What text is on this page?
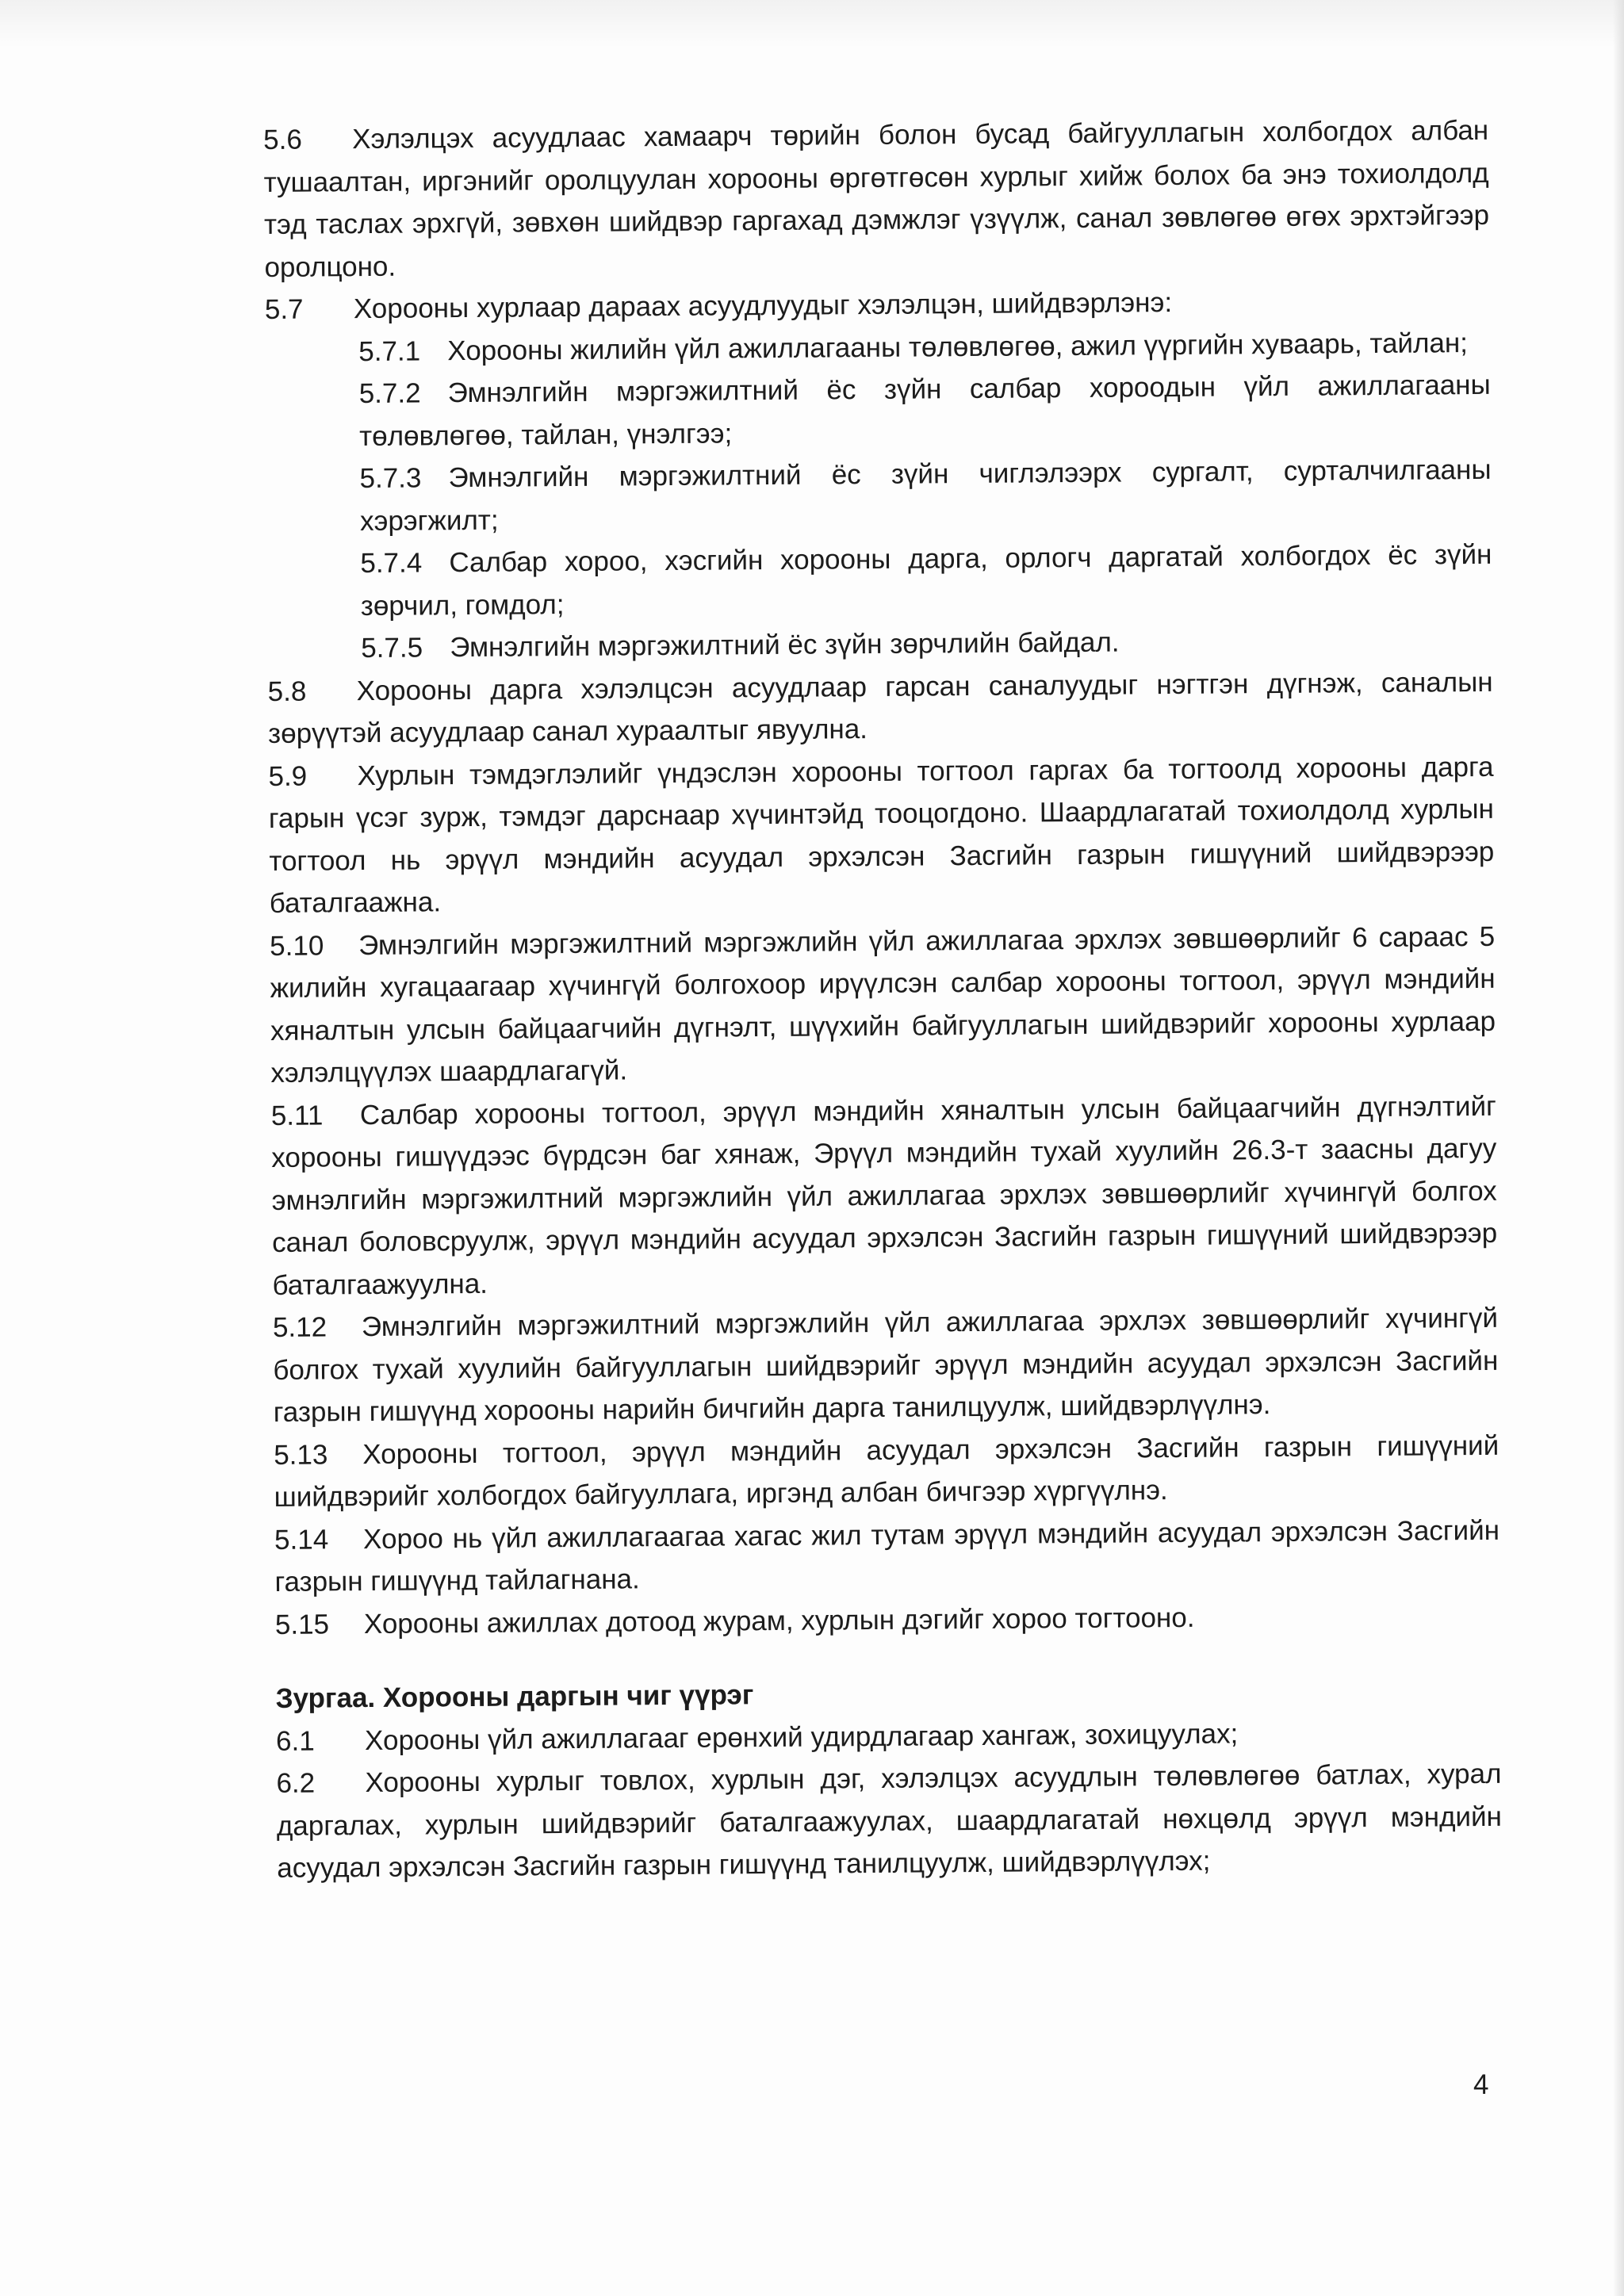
5.6 Хэлэлцэх асуудлаас хамаарч төрийн болон бусад байгууллагын холбогдох албан тушаалтан, иргэнийг оролцуулан хорооны өргөтгөсөн хурлыг хийж болох ба энэ тохиолдолд тэд таслах эрхгүй, зөвхөн шийдвэр гаргахад дэмжлэг үзүүлж, санал зөвлөгөө өгөх эрхтэйгээр оролцоно.

5.7 Хорооны хурлаар дараах асуудлуудыг хэлэлцэн, шийдвэрлэнэ:

5.7.1 Хорооны жилийн үйл ажиллагааны төлөвлөгөө, ажил үүргийн хуваарь, тайлан;

5.7.2 Эмнэлгийн мэргэжилтний ёс зүйн салбар хороодын үйл ажиллагааны төлөвлөгөө, тайлан, үнэлгээ;

5.7.3 Эмнэлгийн мэргэжилтний ёс зүйн чиглэлээрх сургалт, сурталчилгааны хэрэгжилт;

5.7.4 Салбар хороо, хэсгийн хорооны дарга, орлогч даргатай холбогдох ёс зүйн зөрчил, гомдол;

5.7.5 Эмнэлгийн мэргэжилтний ёс зүйн зөрчлийн байдал.

5.8 Хорооны дарга хэлэлцсэн асуудлаар гарсан саналуудыг нэгтгэн дүгнэж, саналын зөрүүтэй асуудлаар санал хураалтыг явуулна.

5.9 Хурлын тэмдэглэлийг үндэслэн хорооны тогтоол гаргах ба тогтоолд хорооны дарга гарын үсэг зурж, тэмдэг дарснаар хүчинтэйд тооцогдоно. Шаардлагатай тохиолдолд хурлын тогтоол нь эрүүл мэндийн асуудал эрхэлсэн Засгийн газрын гишүүний шийдвэрээр баталгаажна.

5.10 Эмнэлгийн мэргэжилтний мэргэжлийн үйл ажиллагаа эрхлэх зөвшөөрлийг 6 сараас 5 жилийн хугацаагаар хүчингүй болгохоор ирүүлсэн салбар хорооны тогтоол, эрүүл мэндийн хяналтын улсын байцаагчийн дүгнэлт, шүүхийн байгууллагын шийдвэрийг хорооны хурлаар хэлэлцүүлэх шаардлагагүй.

5.11 Салбар хорооны тогтоол, эрүүл мэндийн хяналтын улсын байцаагчийн дүгнэлтийг хорооны гишүүдээс бүрдсэн баг хянаж, Эрүүл мэндийн тухай хуулийн 26.3-т заасны дагуу эмнэлгийн мэргэжилтний мэргэжлийн үйл ажиллагаа эрхлэх зөвшөөрлийг хүчингүй болгох санал боловсруулж, эрүүл мэндийн асуудал эрхэлсэн Засгийн газрын гишүүний шийдвэрээр баталгаажуулна.

5.12 Эмнэлгийн мэргэжилтний мэргэжлийн үйл ажиллагаа эрхлэх зөвшөөрлийг хүчингүй болгох тухай хуулийн байгууллагын шийдвэрийг эрүүл мэндийн асуудал эрхэлсэн Засгийн газрын гишүүнд хорооны нарийн бичгийн дарга танилцуулж, шийдвэрлүүлнэ.

5.13 Хорооны тогтоол, эрүүл мэндийн асуудал эрхэлсэн Засгийн газрын гишүүний шийдвэрийг холбогдох байгууллага, иргэнд албан бичгээр хүргүүлнэ.

5.14 Хороо нь үйл ажиллагаагаа хагас жил тутам эрүүл мэндийн асуудал эрхэлсэн Засгийн газрын гишүүнд тайлагнана.

5.15 Хорооны ажиллах дотоод журам, хурлын дэгийг хороо тогтооно.

Зургаа. Хорооны даргын чиг үүрэг

6.1 Хорооны үйл ажиллагааг ерөнхий удирдлагаар хангаж, зохицуулах;

6.2 Хорооны хурлыг товлох, хурлын дэг, хэлэлцэх асуудлын төлөвлөгөө батлах, хурал даргалах, хурлын шийдвэрийг баталгаажуулах, шаардлагатай нөхцөлд эрүүл мэндийн асуудал эрхэлсэн Засгийн газрын гишүүнд танилцуулж, шийдвэрлүүлэх;

4
